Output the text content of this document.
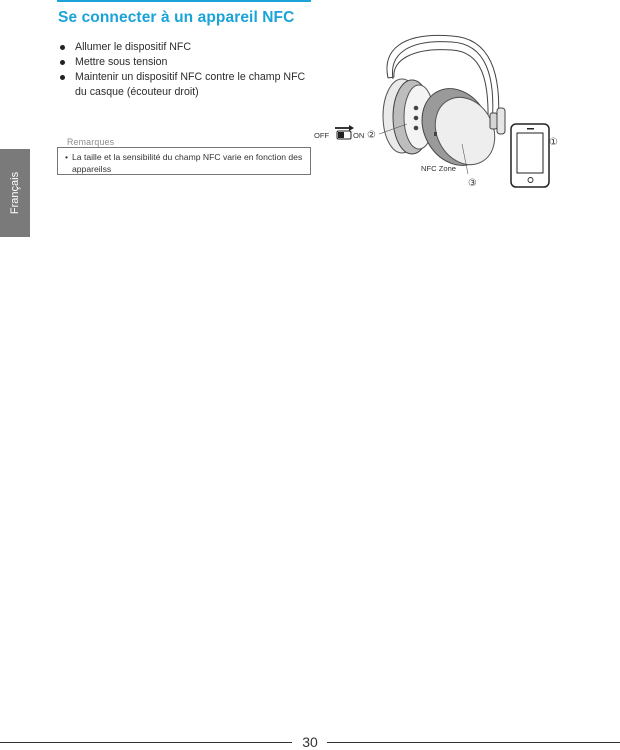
Se connecter à un appareil NFC
Allumer le dispositif NFC
Mettre sous tension
Maintenir un dispositif NFC contre le champ NFC du casque (écouteur droit)
Français
Remarques

• La taille et la sensibilité du champ NFC varie en fonction des appareilss

OFF	ON ②
①
NFC Zone
③
30
